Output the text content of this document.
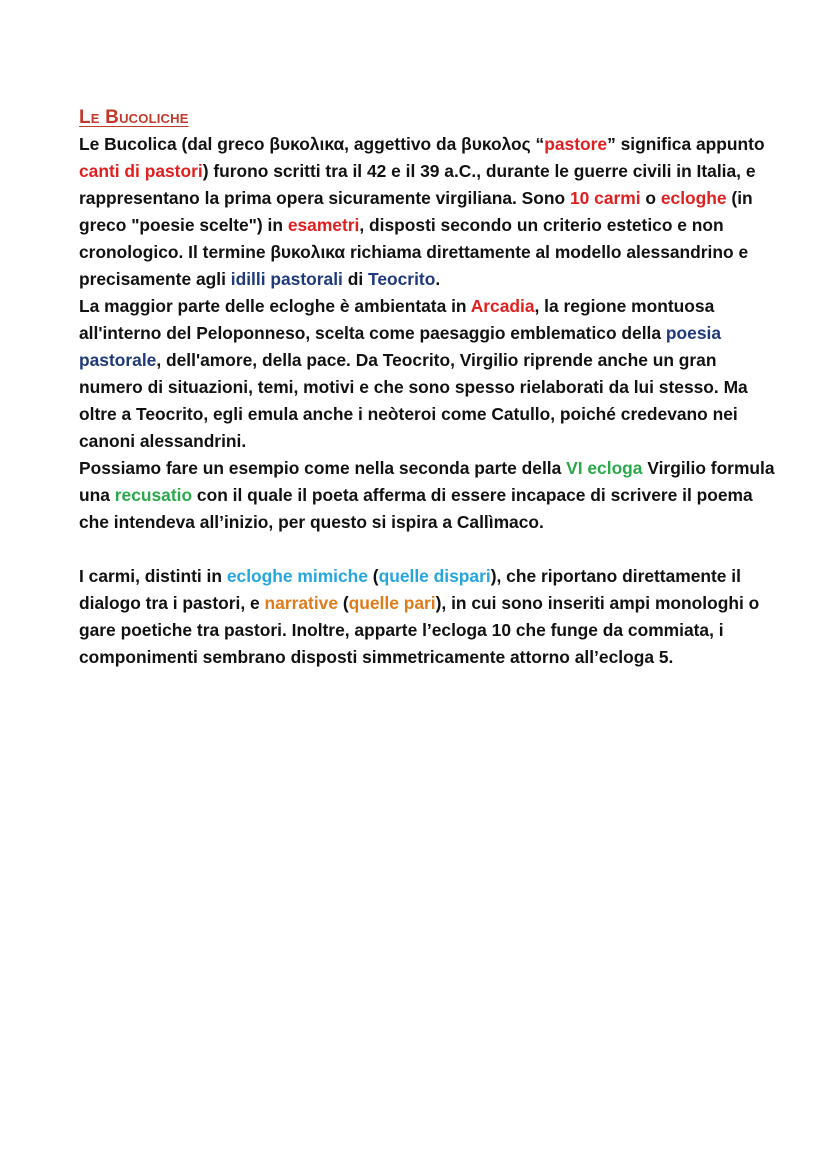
Le Bucoliche

Le Bucolica (dal greco βυκολικα, aggettivo da βυκολος “pastore” significa appunto canti di pastori) furono scritti tra il 42 e il 39 a.C., durante le guerre civili in Italia, e rappresentano la prima opera sicuramente virgiliana. Sono 10 carmi o ecloghe (in greco "poesie scelte") in esametri, disposti secondo un criterio estetico e non cronologico. Il termine βυκολικα richiama direttamente al modello alessandrino e precisamente agli idilli pastorali di Teocrito.

La maggior parte delle ecloghe è ambientata in Arcadia, la regione montuosa all'interno del Peloponneso, scelta come paesaggio emblematico della poesia pastorale, dell'amore, della pace. Da Teocrito, Virgilio riprende anche un gran numero di situazioni, temi, motivi e che sono spesso rielaborati da lui stesso. Ma oltre a Teocrito, egli emula anche i neòteroi come Catullo, poiché credevano nei canoni alessandrini.

Possiamo fare un esempio come nella seconda parte della VI ecloga Virgilio formula una recusatio con il quale il poeta afferma di essere incapace di scrivere il poema che intendeva all’inizio, per questo si ispira a Callìmaco.

I carmi, distinti in ecloghe mimiche (quelle dispari), che riportano direttamente il dialogo tra i pastori, e narrative (quelle pari), in cui sono inseriti ampi monologhi o gare poetiche tra pastori. Inoltre, apparte l’ecloga 10 che funge da commiata, i componimenti sembrano disposti simmetricamente attorno all’ecloga 5.
